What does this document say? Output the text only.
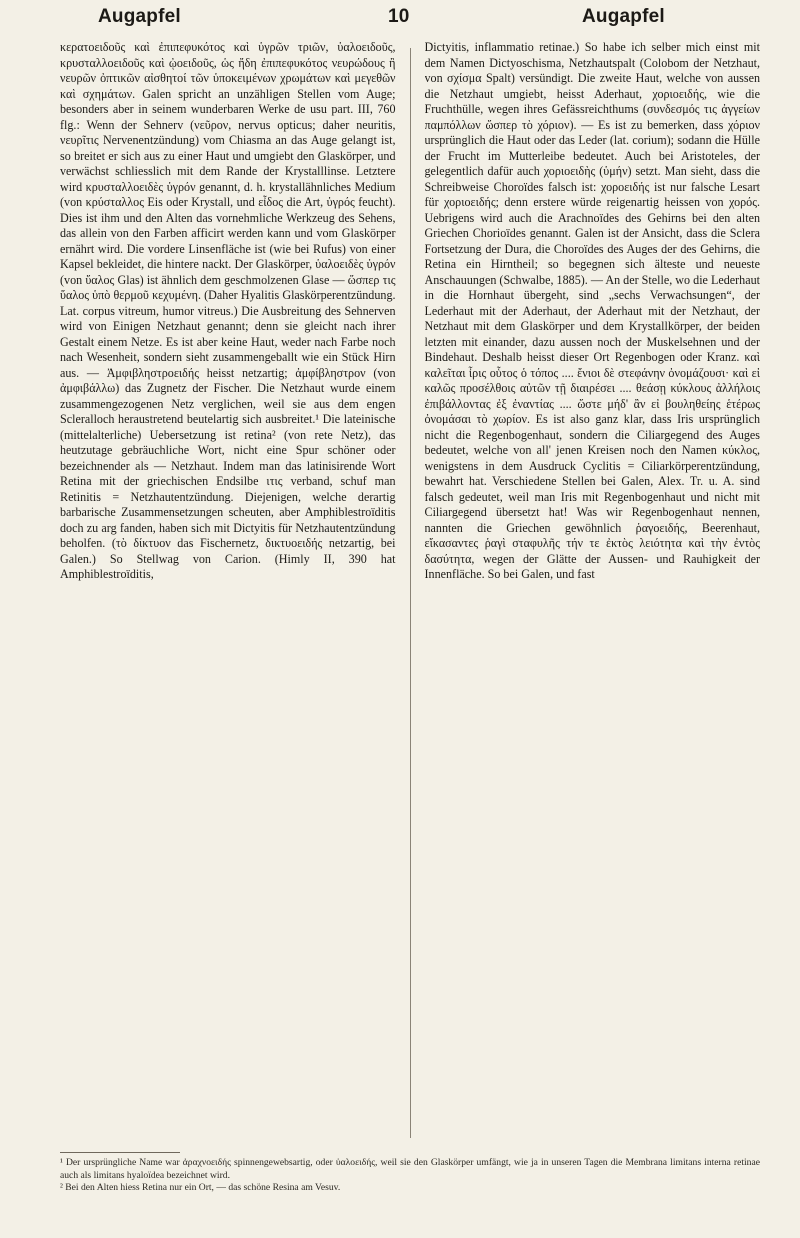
Augapfel	10	Augapfel

κερατοειδοῦς καὶ ἐπιπεφυκότος καὶ ὑγρῶν τριῶν, ὑαλοειδοῦς, κρυσταλλοειδοῦς καὶ ᾠοειδοῦς, ὡς ἤδη ἐπιπεφυκότος νευρώδους ἢ νευρῶν ὀπτικῶν αἰσθητοί τῶν ὑποκειμένων χρωμάτων καὶ μεγεθῶν καὶ σχημάτων. Galen spricht an unzähligen Stellen vom Auge; besonders aber in seinem wunderbaren Werke de usu part. III, 760 flg.: Wenn der Sehnerv (νεῦρον, nervus opticus; daher neuritis, νευρῖτις Nervenentzündung) vom Chiasma an das Auge gelangt ist, so breitet er sich aus zu einer Haut und umgiebt den Glaskörper, und verwächst schliesslich mit dem Rande der Krystalllinse. Letztere wird κρυσταλλοειδὲς ὑγρόν genannt, d. h. krystallähnliches Medium (von κρύσταλλος Eis oder Krystall, und εἶδος die Art, ὑγρός feucht). Dies ist ihm und den Alten das vornehmliche Werkzeug des Sehens, das allein von den Farben afficirt werden kann und vom Glaskörper ernährt wird. Die vordere Linsenfläche ist (wie bei Rufus) von einer Kapsel bekleidet, die hintere nackt. Der Glaskörper, ὑαλοειδὲς ὑγρόν (von ὕαλος Glas) ist ähnlich dem geschmolzenen Glase — ὥσπερ τις ὕαλος ὑπὸ θερμοῦ κεχυμένη. (Daher Hyalitis Glaskörperentzündung. Lat. corpus vitreum, humor vitreus.) Die Ausbreitung des Sehnerven wird von Einigen Netzhaut genannt; denn sie gleicht nach ihrer Gestalt einem Netze. Es ist aber keine Haut, weder nach Farbe noch nach Wesenheit, sondern sieht zusammengeballt wie ein Stück Hirn aus. — Ἀμφιβληστροειδής heisst netzartig; ἀμφίβληστρον (von ἀμφιβάλλω) das Zugnetz der Fischer. Die Netzhaut wurde einem zusammengezogenen Netz verglichen, weil sie aus dem engen Scleralloch heraustretend beutelartig sich ausbreitet.¹ Die lateinische (mittelalterliche) Uebersetzung ist retina² (von rete Netz), das heutzutage gebräuchliche Wort, nicht eine Spur schöner oder bezeichnender als — Netzhaut. Indem man das latinisirende Wort Retina mit der griechischen Endsilbe ιτις verband, schuf man Retinitis = Netzhautentzündung. Diejenigen, welche derartig barbarische Zusammensetzungen scheuten, aber Amphiblestroïditis doch zu arg fanden, haben sich mit Dictyitis für Netzhautentzündung beholfen. (τὸ δίκτυον das Fischernetz, δικτυοειδής netzartig, bei Galen.) So Stellwag von Carion. (Himly II, 390 hat Amphiblestroïditis,

Dictyitis, inflammatio retinae.) So habe ich selber mich einst mit dem Namen Dictyoschisma, Netzhautspalt (Colobom der Netzhaut, von σχίσμα Spalt) versündigt. Die zweite Haut, welche von aussen die Netzhaut umgiebt, heisst Aderhaut, χοριοειδής, wie die Fruchthülle, wegen ihres Gefässreichthums (συνδεσμός τις ἀγγείων παμπόλλων ὥσπερ τὸ χόριον). — Es ist zu bemerken, dass χόριον ursprünglich die Haut oder das Leder (lat. corium); sodann die Hülle der Frucht im Mutterleibe bedeutet. Auch bei Aristoteles, der gelegentlich dafür auch χοριοειδὴς (ὑμήν) setzt. Man sieht, dass die Schreibweise Choroïdes falsch ist: χοροειδής ist nur falsche Lesart für χοριοειδής; denn erstere würde reigenartig heissen von χορός. Uebrigens wird auch die Arachnoïdes des Gehirns bei den alten Griechen Chorioïdes genannt. Galen ist der Ansicht, dass die Sclera Fortsetzung der Dura, die Choroïdes des Auges der des Gehirns, die Retina ein Hirntheil; so begegnen sich älteste und neueste Anschauungen (Schwalbe, 1885). — An der Stelle, wo die Lederhaut in die Hornhaut übergeht, sind „sechs Verwachsungen“, der Lederhaut mit der Aderhaut, der Aderhaut mit der Netzhaut, der Netzhaut mit dem Glaskörper und dem Krystallkörper, der beiden letzten mit einander, dazu aussen noch der Muskelsehnen und der Bindehaut. Deshalb heisst dieser Ort Regenbogen oder Kranz. καὶ καλεῖται ἶρις οὗτος ὁ τόπος .... ἔνιοι δὲ στεφάνην ὀνομάζουσι· καὶ εἰ καλῶς προσέλθοις αὐτῶν τῇ διαιρέσει .... θεάσῃ κύκλους ἀλλήλοις ἐπιβάλλοντας ἐξ ἐναντίας .... ὥστε μήδ' ἂν εἰ βουληθείης ἑτέρως ὀνομάσαι τὸ χωρίον. Es ist also ganz klar, dass Iris ursprünglich nicht die Regenbogenhaut, sondern die Ciliargegend des Auges bedeutet, welche von all' jenen Kreisen noch den Namen κύκλος, wenigstens in dem Ausdruck Cyclitis = Ciliarkörperentzündung, bewahrt hat. Verschiedene Stellen bei Galen, Alex. Tr. u. A. sind falsch gedeutet, weil man Iris mit Regenbogenhaut und nicht mit Ciliargegend übersetzt hat! Was wir Regenbogenhaut nennen, nannten die Griechen gewöhnlich ῥαγοειδής, Beerenhaut, εἴκασαντες ῥαγὶ σταφυλῆς τήν τε ἐκτὸς λειότητα καὶ τὴν ἐντὸς δασύτητα, wegen der Glätte der Aussen- und Rauhigkeit der Innenfläche. So bei Galen, und fast

¹ Der ursprüngliche Name war ἀραχνοειδής spinnengewebsartig, oder ὑαλοειδής, weil sie den Glaskörper umfängt, wie ja in unseren Tagen die Membrana limitans interna retinae auch als limitans hyaloïdea bezeichnet wird.

² Bei den Alten hiess Retina nur ein Ort, — das schöne Resina am Vesuv.
